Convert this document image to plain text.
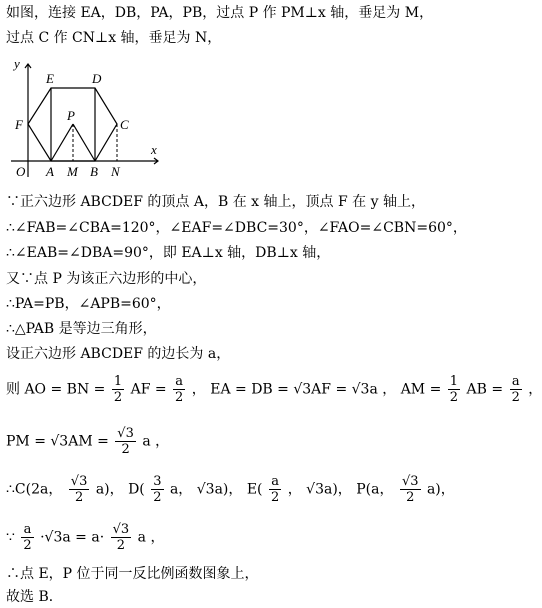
如图，连接 EA，DB，PA，PB，过点 P 作 PM⊥x 轴，垂足为 M，
过点 C 作 CN⊥x 轴，垂足为 N，
y
E	D
F
P
C
O A M B N
x
∵正六边形 ABCDEF 的顶点 A，B 在 x 轴上，顶点 F 在 y 轴上，
∴∠FAB=∠CBA=120°，∠EAF=∠DBC=30°，∠FAO=∠CBN=60°，
∴∠EAB=∠DBA=90°，即 EA⊥x 轴，DB⊥x 轴，
又∵点 P 为该正六边形的中心，
∴PA=PB，∠APB=60°，
∴△PAB 是等边三角形，
设正六边形 ABCDEF 的边长为 a，
则 AO = BN = $\frac{1}{2}$ AF = $\frac{a}{2}$ ， EA = DB = √3AF = √3a ， AM = $\frac{1}{2}$ AB = $\frac{a}{2}$ ，
PM = $√3AM = \frac{√3}{2}$ a ，
∴C(2a， $\frac{√3}{2} a$)， $D( \frac{3}{2}$ a， √3a)， $E( \frac{a}{2}$ ， √3a)， P(a， $\frac{√3}{2} a$)，
∵ $\frac{a}{2} \cdot√3a = a\cdot \frac{√3}{2}$ a ，
∴点 E，P 位于同一反比例函数图象上，
故选 B．
